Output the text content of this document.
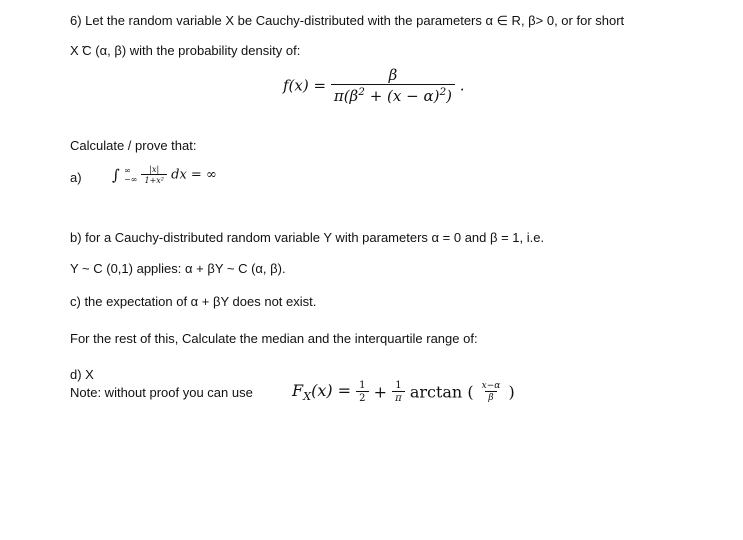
6) Let the random variable X be Cauchy-distributed with the parameters α ∈ R, β> 0, or for short
X ̃C (α, β) with the probability density of:
$f(x) = \frac{\beta}{\pi(\beta^2 + (x - \alpha)^2)}$ .
Calculate / prove that:
a) ∫ ∞
−∞
$\frac{|x|}{\text{1+x²}}$ dx = ∞
b) for a Cauchy-distributed random variable Y with parameters α = 0 and β = 1, i.e.
Y ~ C (0,1) applies: α + βY ~ C (α, β).
c) the expectation of α + βY does not exist.
For the rest of this, Calculate the median and the interquartile range of:
d) X
Note: without proof you can use $F_X(x) = \frac{1}{2} + \frac{1}{\pi}$ arctan ( $\frac{x-\alpha}{\beta}$ )
